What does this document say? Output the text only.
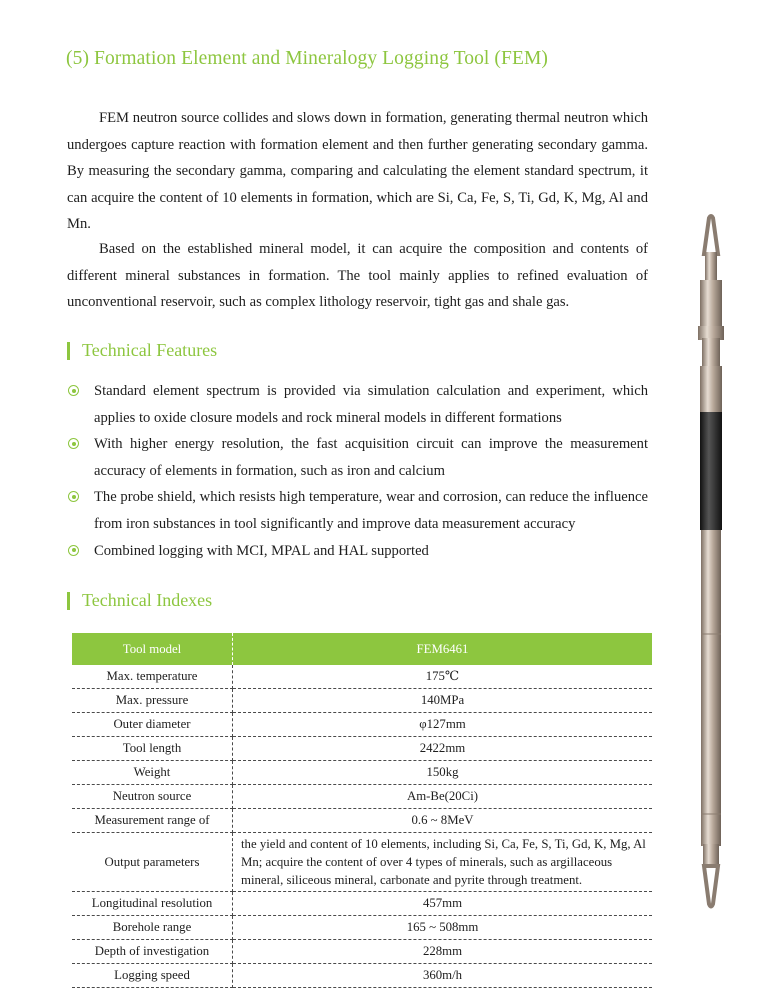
(5) Formation Element and Mineralogy Logging Tool (FEM)

FEM neutron source collides and slows down in formation, generating thermal neutron which undergoes capture reaction with formation element and then further generating secondary gamma. By measuring the secondary gamma, comparing and calculating the element standard spectrum, it can acquire the content of 10 elements in formation, which are Si, Ca, Fe, S, Ti, Gd, K, Mg, Al and Mn.

Based on the established mineral model, it can acquire the composition and contents of different mineral substances in formation. The tool mainly applies to refined evaluation of unconventional reservoir, such as complex lithology reservoir, tight gas and shale gas.

Technical Features
Standard element spectrum is provided via simulation calculation and experiment, which applies to oxide closure models and rock mineral models in different formations
With higher energy resolution, the fast acquisition circuit can improve the measurement accuracy of elements in formation, such as iron and calcium
The probe shield, which resists high temperature, wear and corrosion, can reduce the influence from iron substances in tool significantly and improve data measurement accuracy
Combined logging with MCI, MPAL and HAL supported
Technical Indexes
Tool model	FEM6461
Max. temperature	175℃
Max. pressure	140MPa
Outer diameter	φ127mm
Tool length	2422mm
Weight	150kg
Neutron source	Am-Be(20Ci)
Measurement range of	0.6 ~ 8MeV
Output parameters	the yield and content of 10 elements, including Si, Ca, Fe, S, Ti, Gd, K, Mg, Al Mn; acquire the content of over 4 types of minerals, such as argillaceous mineral, siliceous mineral, carbonate and pyrite through treatment.
Longitudinal resolution	457mm
Borehole range	165 ~ 508mm
Depth of investigation	228mm
Logging speed	360m/h
